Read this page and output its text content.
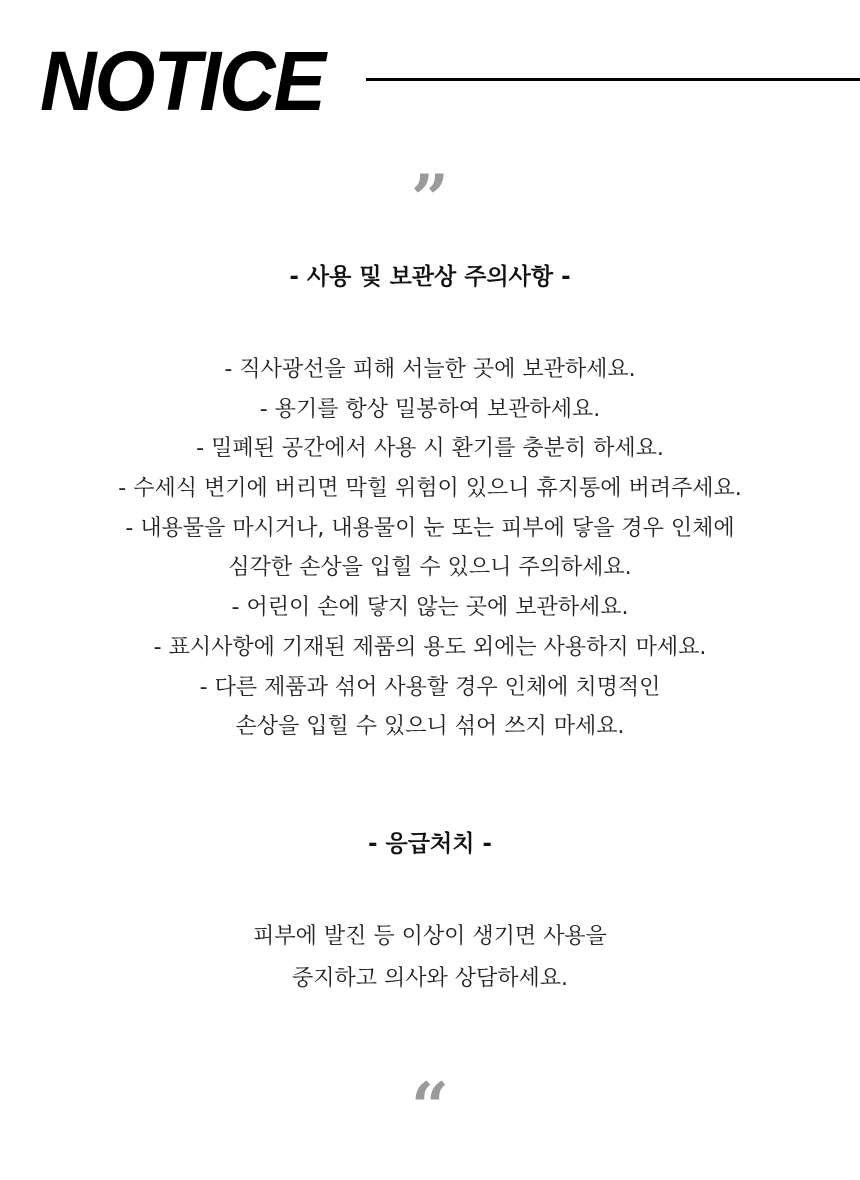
NOTICE
”
- 사용 및 보관상 주의사항 -
- 직사광선을 피해 서늘한 곳에 보관하세요.
- 용기를 항상 밀봉하여 보관하세요.
- 밀폐된 공간에서 사용 시 환기를 충분히 하세요.
- 수세식 변기에 버리면 막힐 위험이 있으니 휴지통에 버려주세요.
- 내용물을 마시거나, 내용물이 눈 또는 피부에 닿을 경우 인체에
심각한 손상을 입힐 수 있으니 주의하세요.
- 어린이 손에 닿지 않는 곳에 보관하세요.
- 표시사항에 기재된 제품의 용도 외에는 사용하지 마세요.
- 다른 제품과 섞어 사용할 경우 인체에 치명적인
손상을 입힐 수 있으니 섞어 쓰지 마세요.
- 응급처치 -
피부에 발진 등 이상이 생기면 사용을
중지하고 의사와 상담하세요.
“
